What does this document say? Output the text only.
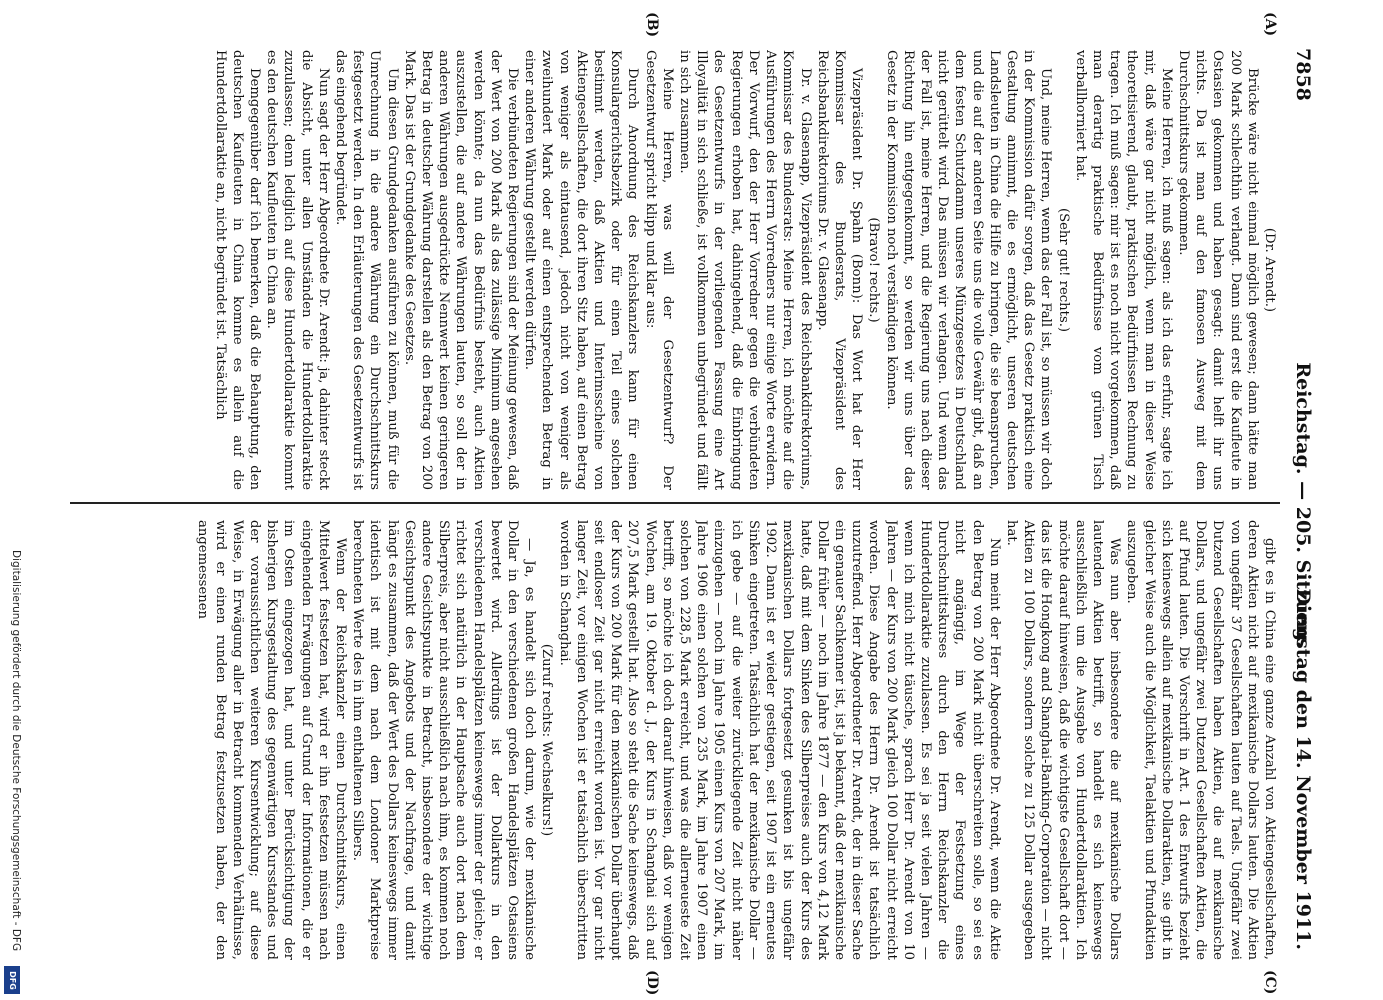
7858
Reichstag. — 205. Sitzung.
Dienstag den 14. November 1911.
(A)
(B)
(C)
(D)

(Dr. Arendt.)

Brücke wäre nicht einmal möglich gewesen; dann hätte man 200 Mark schlechthin verlangt. Dann sind erst die Kaufleute in Ostasien gekommen und haben gesagt: damit helft ihr uns nichts. Da ist man auf den famosen Ausweg mit dem Durchschnittskurs gekommen.

Meine Herren, ich muß sagen: als ich das erfuhr, sagte ich mir, daß wäre gar nicht möglich, wenn man in dieser Weise theoretisierend, glaubt, praktischen Bedürfnissen Rechnung zu tragen. Ich muß sagen: mir ist es noch nicht vorgekommen, daß man derartig praktische Bedürfnisse vom grünen Tisch verballhorniert hat.

(Sehr gut! rechts.)

Und, meine Herren, wenn das der Fall ist, so müssen wir doch in der Kommission dafür sorgen, daß das Gesetz praktisch eine Gestaltung annimmt, die es ermöglicht, unseren deutschen Landsleuten in China die Hilfe zu bringen, die sie beanspruchen, und die auf der anderen Seite uns die volle Gewähr gibt, daß an dem festen Schutzdamm unseres Münzgesetzes in Deutschland nicht gerüttelt wird. Das müssen wir verlangen. Und wenn das der Fall ist, meine Herren, und die Regierung uns nach dieser Richtung hin entgegenkommt, so werden wir uns über das Gesetz in der Kommission noch verständigen können.

(Bravo! rechts.)

Vizepräsident Dr. Spahn (Bonn): Das Wort hat der Herr Kommissar des Bundesrats, Vizepräsident des Reichsbankdirektoriums Dr. v. Glasenapp.

Dr. v. Glasenapp, Vizepräsident des Reichsbankdirektoriums, Kommissar des Bundesrats: Meine Herren, ich möchte auf die Ausführungen des Herrn Vorredners nur einige Worte erwidern. Der Vorwurf, den der Herr Vorredner gegen die verbündeten Regierungen erhoben hat, dahingehend, daß die Einbringung des Gesetzentwurfs in der vorliegenden Fassung eine Art Illoyalität in sich schließe, ist vollkommen unbegründet und fällt in sich zusammen.

Meine Herren, was will der Gesetzentwurf? Der Gesetzentwurf spricht klipp und klar aus:

Durch Anordnung des Reichskanzlers kann für einen Konsulargerichtsbezirk oder für einen Teil eines solchen bestimmt werden, daß Aktien und Interimsscheine von Aktiengesellschaften, die dort ihren Sitz haben, auf einen Betrag von weniger als eintausend, jedoch nicht von weniger als zweihundert Mark oder auf einen entsprechenden Betrag in einer anderen Währung gestellt werden dürfen.

Die verbündeten Regierungen sind der Meinung gewesen, daß der Wert von 200 Mark als das zulässige Minimum angesehen werden könnte; da nun das Bedürfnis besteht, auch Aktien auszustellen, die auf andere Währungen lauten, so soll der in anderen Währungen ausgedrückte Nennwert keinen geringeren Betrag in deutscher Währung darstellen als den Betrag von 200 Mark. Das ist der Grundgedanke des Gesetzes.

Um diesen Grundgedanken ausführen zu können, muß für die Umrechnung in die andere Währung ein Durchschnittskurs festgesetzt werden. In den Erläuterungen des Gesetzentwurfs ist das eingehend begründet.

Nun sagt der Herr Abgeordnete Dr. Arendt: ja, dahinter steckt die Absicht, unter allen Umständen die Hundertdollaraktie zuzulassen; denn lediglich auf diese Hundertdollaraktie kommt es den deutschen Kaufleuten in China an.

Demgegenüber darf ich bemerken, daß die Behauptung, den deutschen Kaufleuten in China komme es allein auf die Hundertdollaraktie an, nicht begründet ist. Tatsächlich

gibt es in China eine ganze Anzahl von Aktiengesellschaften, deren Aktien nicht auf mexikanische Dollars lauten. Die Aktien von ungefähr 37 Gesellschaften lauten auf Taels. Ungefähr zwei Dutzend Gesellschaften haben Aktien, die auf mexikanische Dollars, und ungefähr zwei Dutzend Gesellschaften Aktien, die auf Pfund lauten. Die Vorschrift in Art. 1 des Entwurfs bezieht sich keineswegs allein auf mexikanische Dollaraktien, sie gibt in gleicher Weise auch die Möglichkeit, Taelaktien und Pfundaktien auszugeben.

Was nun aber insbesondere die auf mexikanische Dollars lautenden Aktien betrifft, so handelt es sich keineswegs ausschließlich um die Ausgabe von Hundertdollaraktien. Ich möchte darauf hinweisen, daß die wichtigste Gesellschaft dort — das ist die Hongkong and Shanghai-Banking-Corporation — nicht Aktien zu 100 Dollars, sondern solche zu 125 Dollar ausgegeben hat.

Nun meint der Herr Abgeordnete Dr. Arendt, wenn die Aktie den Betrag von 200 Mark nicht überschreiten solle, so sei es nicht angängig, im Wege der Festsetzung eines Durchschnittskurses durch den Herrn Reichskanzler die Hundertdollaraktie zuzulassen. Es sei ja seit vielen Jahren — wenn ich mich nicht täusche, sprach Herr Dr. Arendt von 10 Jahren — der Kurs von 200 Mark gleich 100 Dollar nicht erreicht worden. Diese Angabe des Herrn Dr. Arendt ist tatsächlich unzutreffend. Herr Abgeordneter Dr. Arendt, der in dieser Sache ein genauer Sachkenner ist, ist ja bekannt, daß der mexikanische Dollar früher — noch im Jahre 1877 — den Kurs von 4,12 Mark hatte, daß mit dem Sinken des Silberpreises auch der Kurs des mexikanischen Dollars fortgesetzt gesunken ist bis ungefähr 1902. Dann ist er wieder gestiegen, seit 1907 ist ein erneutes Sinken eingetreten. Tatsächlich hat der mexikanische Dollar — ich gebe — auf die weiter zurückliegende Zeit nicht näher einzugehen — noch im Jahre 1905 einen Kurs von 207 Mark, im Jahre 1906 einen solchen von 235 Mark, im Jahre 1907 einen solchen von 228,5 Mark erreicht, und was die allerneueste Zeit betrifft, so möchte ich doch darauf hinweisen, daß vor wenigen Wochen, am 19. Oktober d. J., der Kurs in Schanghai sich auf 207,5 Mark gestellt hat. Also so steht die Sache keineswegs, daß der Kurs von 200 Mark für den mexikanischen Dollar überhaupt seit endloser Zeit gar nicht erreicht worden ist. Vor gar nicht langer Zeit, vor einigen Wochen ist er tatsächlich überschritten worden in Schanghai.

(Zuruf rechts: Wechselkurs!)

— Ja, es handelt sich doch darum, wie der mexikanische Dollar in den verschiedenen großen Handelsplätzen Ostasiens bewertet wird. Allerdings ist der Dollarkurs in den verschiedenen Handelsplätzen keineswegs immer der gleiche; er richtet sich natürlich in der Hauptsache auch dort nach dem Silberpreis, aber nicht ausschließlich nach ihm, es kommen noch andere Gesichtspunkte in Betracht, insbesondere der wichtige Gesichtspunkt des Angebots und der Nachfrage, und damit hängt es zusammen, daß der Wert des Dollars keineswegs immer identisch ist mit dem nach dem Londoner Marktpreise berechneten Werte des in ihm enthaltenen Silbers.

Wenn der Reichskanzler einen Durchschnittskurs, einen Mittelwert festsetzen hat, wird er ihn festsetzen müssen nach eingehenden Erwägungen auf Grund der Informationen, die er im Osten eingezogen hat, und unter Berücksichtigung der bisherigen Kursgestaltung des gegenwärtigen Kursstandes und der voraussichtlichen weiteren Kursentwicklung; auf diese Weise, in Erwägung aller in Betracht kommenden Verhältnisse, wird er einen runden Betrag festzusetzen haben, der den angemessenen

Digitalisierung gefördert durch die Deutsche Forschungsgemeinschaft - DFG
DFG
